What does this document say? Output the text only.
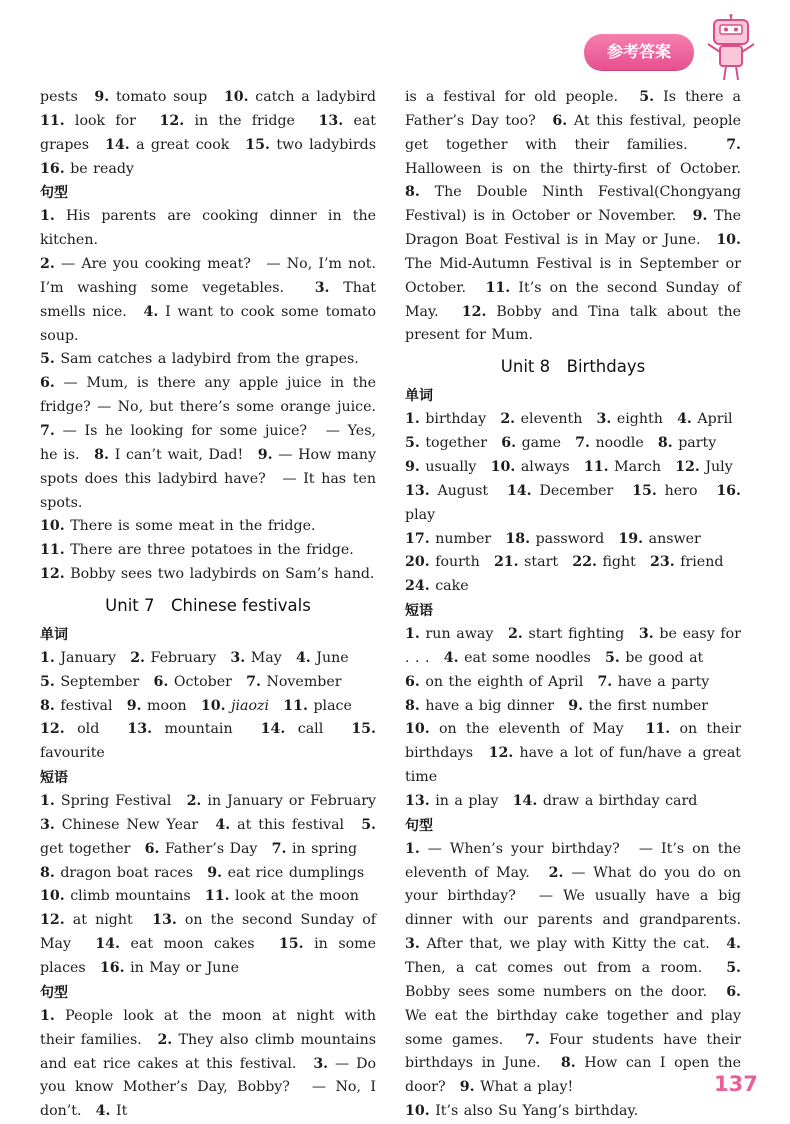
参考答案
pests　9. tomato soup　10. catch a ladybird　11. look for　12. in the fridge　13. eat grapes　14. a great cook　15. two ladybirds　16. be ready
句型
1. His parents are cooking dinner in the kitchen.
2. — Are you cooking meat?　— No, I’m not. I’m washing some vegetables.　3. That smells nice.　4. I want to cook some tomato soup.
5. Sam catches a ladybird from the grapes.
6. — Mum, is there any apple juice in the fridge? — No, but there’s some orange juice.　7. — Is he looking for some juice?　— Yes, he is.　8. I can’t wait, Dad!　9. — How many spots does this ladybird have?　— It has ten spots.
10. There is some meat in the fridge.
11. There are three potatoes in the fridge.
12. Bobby sees two ladybirds on Sam’s hand.
Unit 7　Chinese festivals
单词
1. January　2. February　3. May　4. June
5. September　6. October　7. November
8. festival　9. moon　10. jiaozi　 11. place
12. old　13. mountain　14. call　15. favourite
短语
1. Spring Festival　2. in January or February　3. Chinese New Year　4. at this festival　5. get together　6. Father’s Day　7. in spring
8. dragon boat races　9. eat rice dumplings
10. climb mountains　11. look at the moon
12. at night　13. on the second Sunday of May　14. eat moon cakes　15. in some places　16. in May or June
句型
1. People look at the moon at night with their families.　2. They also climb mountains and eat rice cakes at this festival.　3. — Do you know Mother’s Day, Bobby?　— No, I don’t.　4. It
is a festival for old people.　5. Is there a Father’s Day too?　6. At this festival, people get together with their families.　7. Halloween is on the thirty-first of October.　8. The Double Ninth Festival(Chongyang Festival) is in October or November.　9. The Dragon Boat Festival is in May or June.　10. The Mid-Autumn Festival is in September or October.　11. It’s on the second Sunday of May.　12. Bobby and Tina talk about the present for Mum.
Unit 8　Birthdays
单词
1. birthday　2. eleventh　3. eighth　4. April
5. together　6. game　7. noodle　8. party
9. usually　10. always　11. March　12. July
13. August　14. December　15. hero　16. play
17. number　18. password　19. answer
20. fourth　21. start　22. fight　23. friend
24. cake
短语
1. run away　2. start fighting　3. be easy for . . .　4. eat some noodles　5. be good at
6. on the eighth of April　7. have a party
8. have a big dinner　9. the first number
10. on the eleventh of May　11. on their birthdays　12. have a lot of fun/have a great time
13. in a play　14. draw a birthday card
句型
1. — When’s your birthday?　— It’s on the eleventh of May.　2. — What do you do on your birthday?　— We usually have a big dinner with our parents and grandparents.　3. After that, we play with Kitty the cat.　4. Then, a cat comes out from a room.　5. Bobby sees some numbers on the door.　6. We eat the birthday cake together and play some games.　7. Four students have their birthdays in June.　8. How can I open the door?　9. What a play!
10. It’s also Su Yang’s birthday.
137
